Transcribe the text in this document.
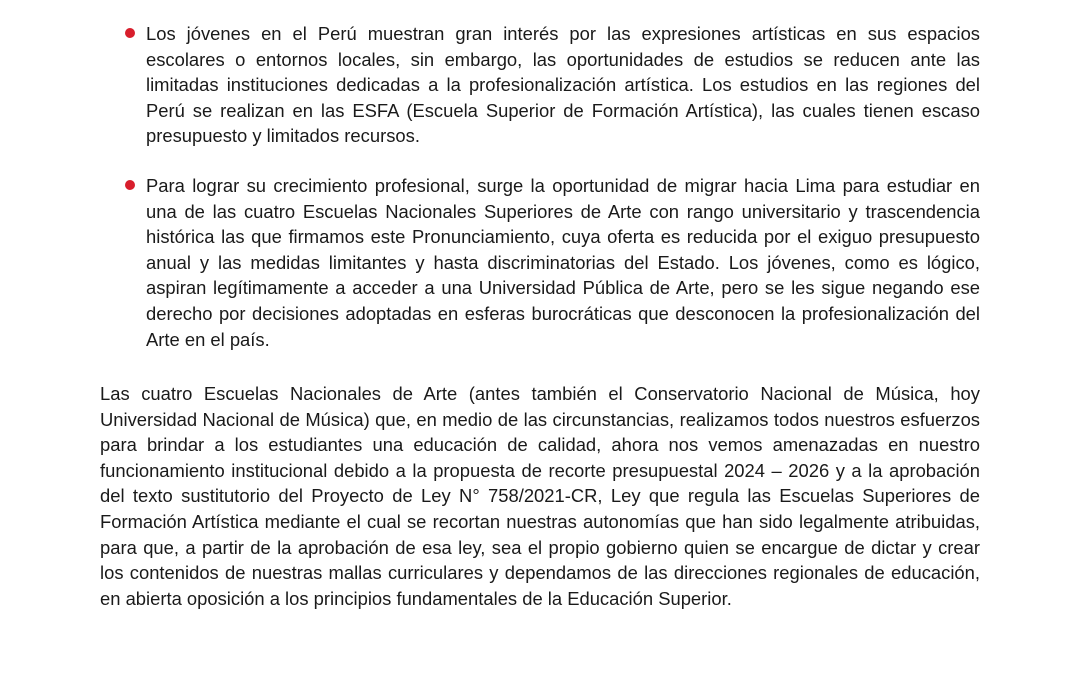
Los jóvenes en el Perú muestran gran interés por las expresiones artísticas en sus espacios escolares o entornos locales, sin embargo, las oportunidades de estudios se reducen ante las limitadas instituciones dedicadas a la profesionalización artística. Los estudios en las regiones del Perú se realizan en las ESFA (Escuela Superior de Formación Artística), las cuales tienen escaso presupuesto y limitados recursos.
Para lograr su crecimiento profesional, surge la oportunidad de migrar hacia Lima para estudiar en una de las cuatro Escuelas Nacionales Superiores de Arte con rango universitario y trascendencia histórica las que firmamos este Pronunciamiento, cuya oferta es reducida por el exiguo presupuesto anual y las medidas limitantes y hasta discriminatorias del Estado. Los jóvenes, como es lógico, aspiran legítimamente a acceder a una Universidad Pública de Arte, pero se les sigue negando ese derecho por decisiones adoptadas en esferas burocráticas que desconocen la profesionalización del Arte en el país.

Las cuatro Escuelas Nacionales de Arte (antes también el Conservatorio Nacional de Música, hoy Universidad Nacional de Música) que, en medio de las circunstancias, realizamos todos nuestros esfuerzos para brindar a los estudiantes una educación de calidad, ahora nos vemos amenazadas en nuestro funcionamiento institucional debido a la propuesta de recorte presupuestal 2024 – 2026 y a la aprobación del texto sustitutorio del Proyecto de Ley N° 758/2021-CR, Ley que regula las Escuelas Superiores de Formación Artística mediante el cual se recortan nuestras autonomías que han sido legalmente atribuidas, para que, a partir de la aprobación de esa ley, sea el propio gobierno quien se encargue de dictar y crear los contenidos de nuestras mallas curriculares y dependamos de las direcciones regionales de educación, en abierta oposición a los principios fundamentales de la Educación Superior.
